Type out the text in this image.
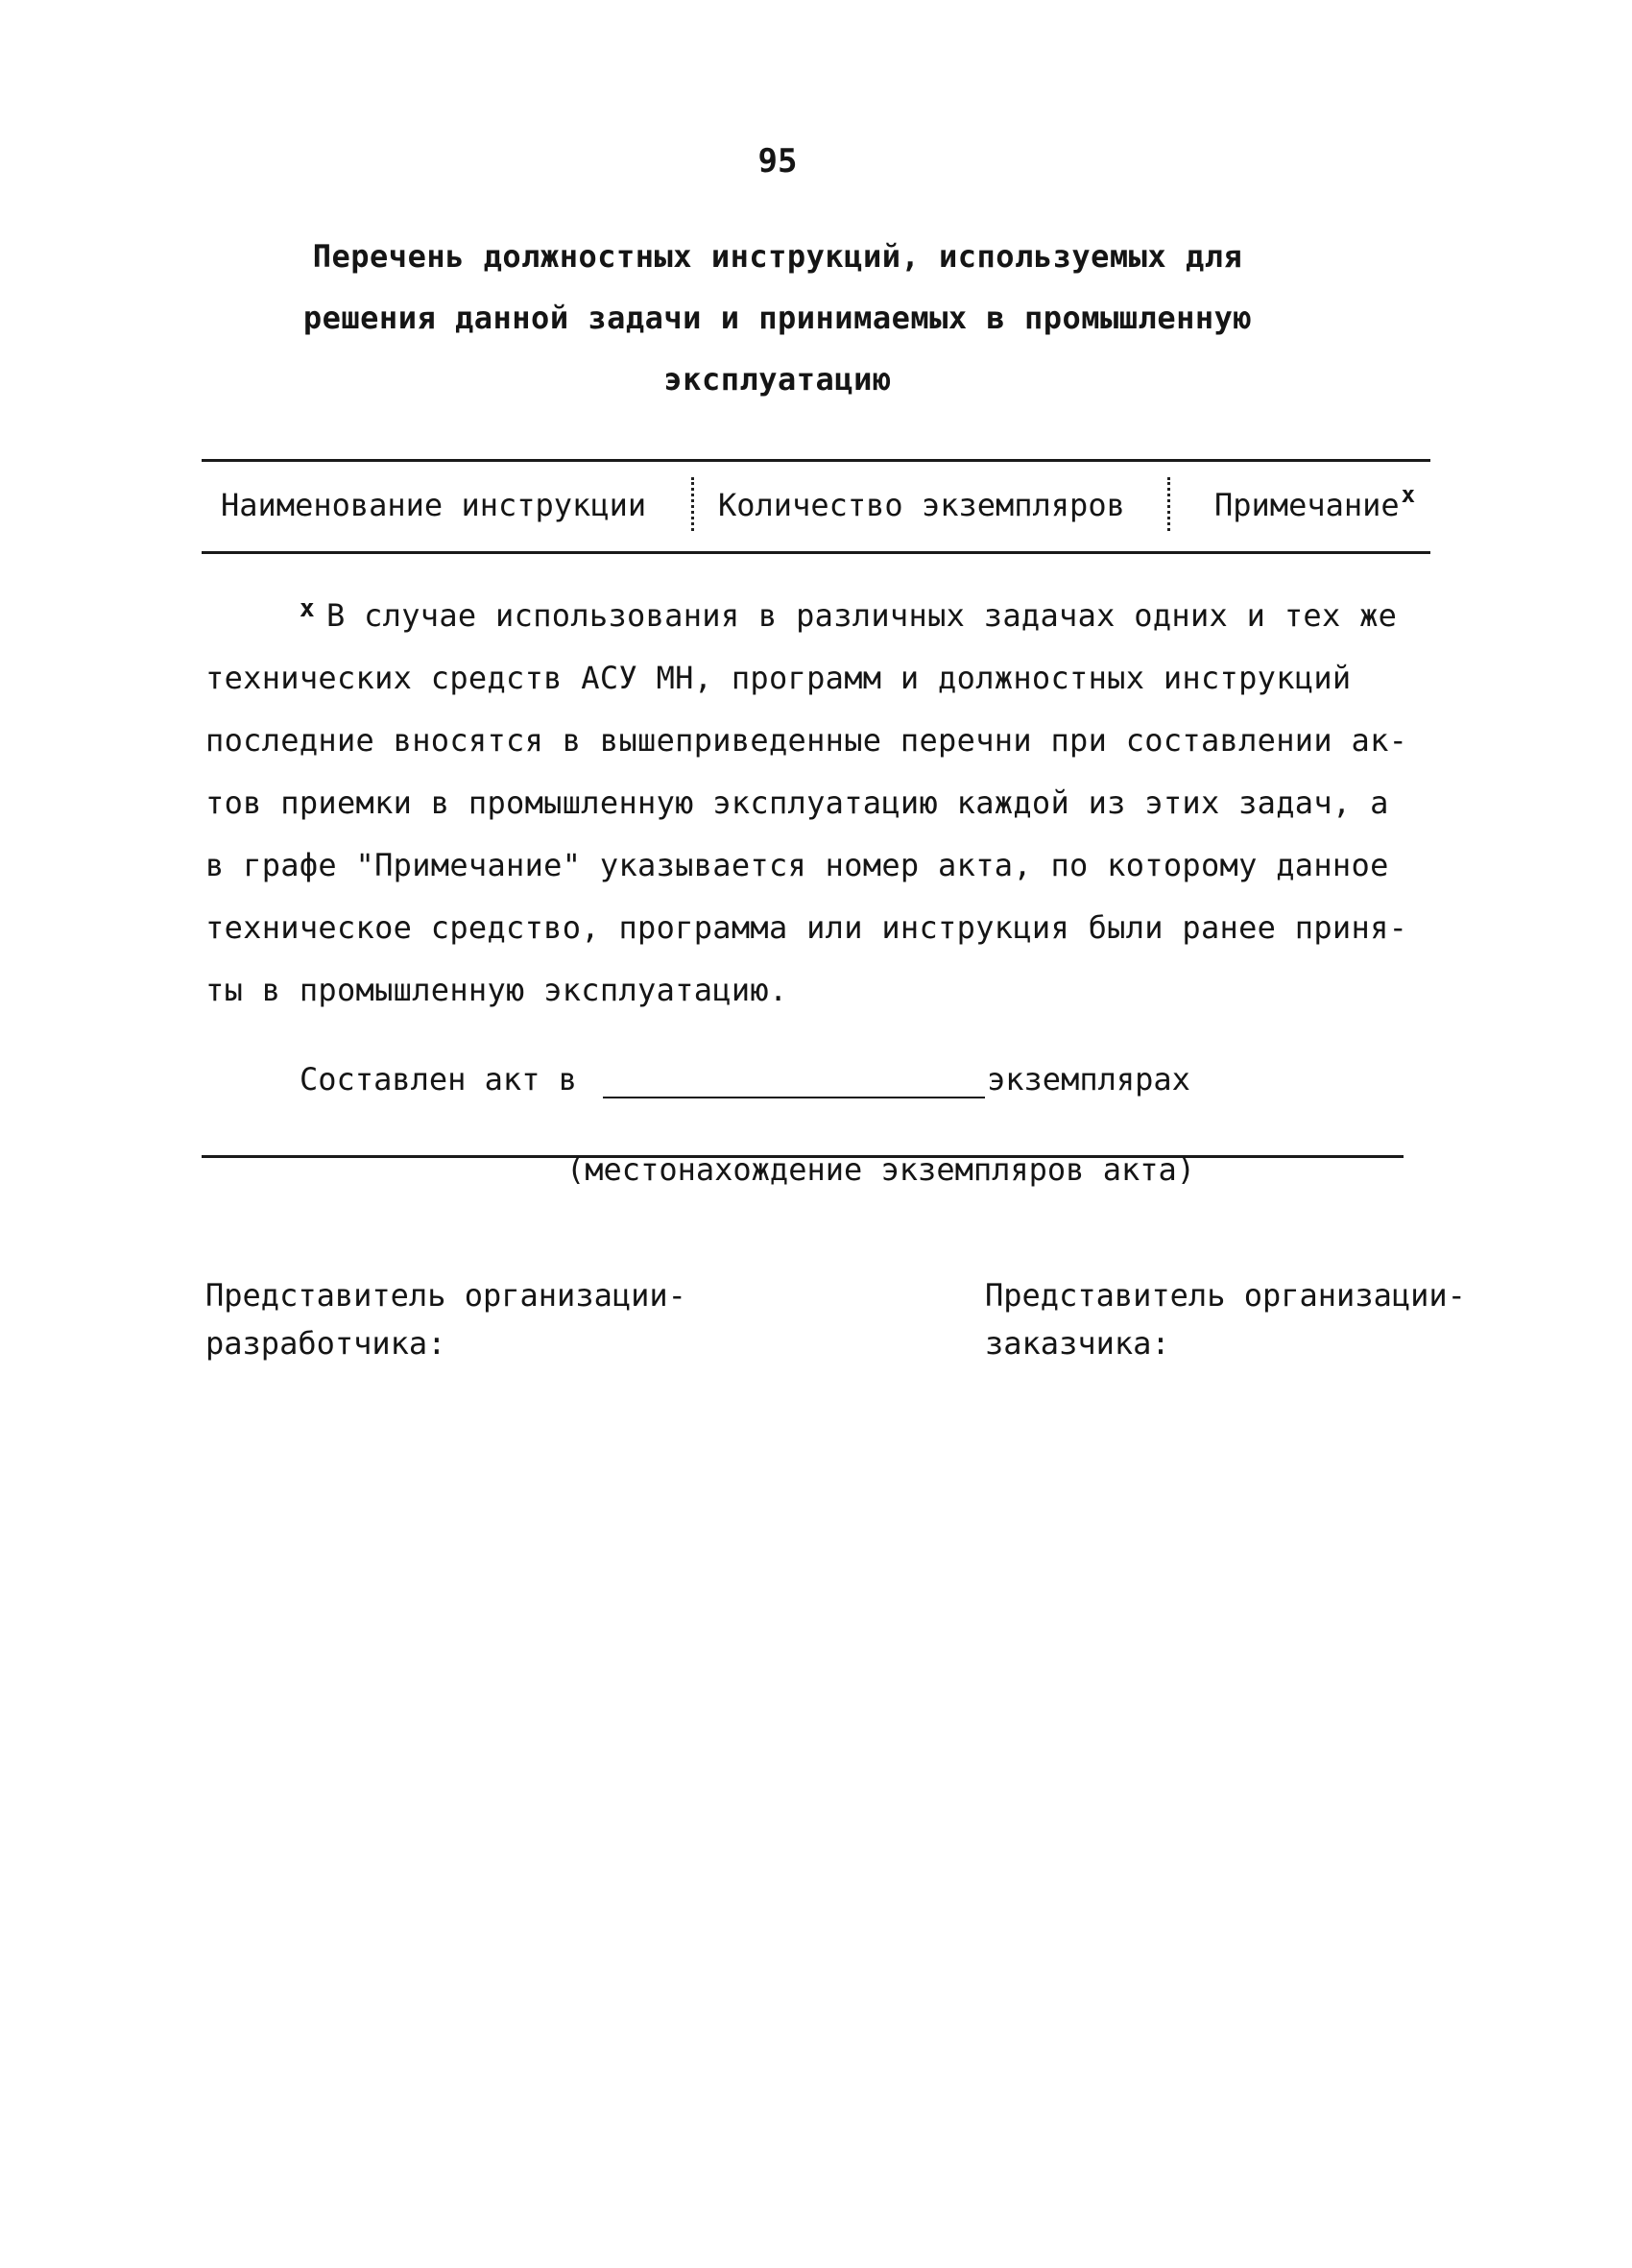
95
Перечень должностных инструкций, используемых для
решения данной задачи и принимаемых в промышленную
эксплуатацию
Наименование инструкции Количество экземпляров	Примечание$^x$
$^x$ В случае использования в различных задачах одних и тех же
технических средств АСУ МН, программ и должностных инструкций
последние вносятся в вышеприведенные перечни при составлении ак-
тов приемки в промышленную эксплуатацию каждой из этих задач, а
в графе "Примечание" указывается номер акта, по которому данное
техническое средство, программа или инструкция были ранее приня-
ты в промышленную эксплуатацию.
Составлен акт в	экземплярах
(местонахождение экземпляров акта)
Представитель организации-
разработчика:
Представитель организации-
заказчика:
